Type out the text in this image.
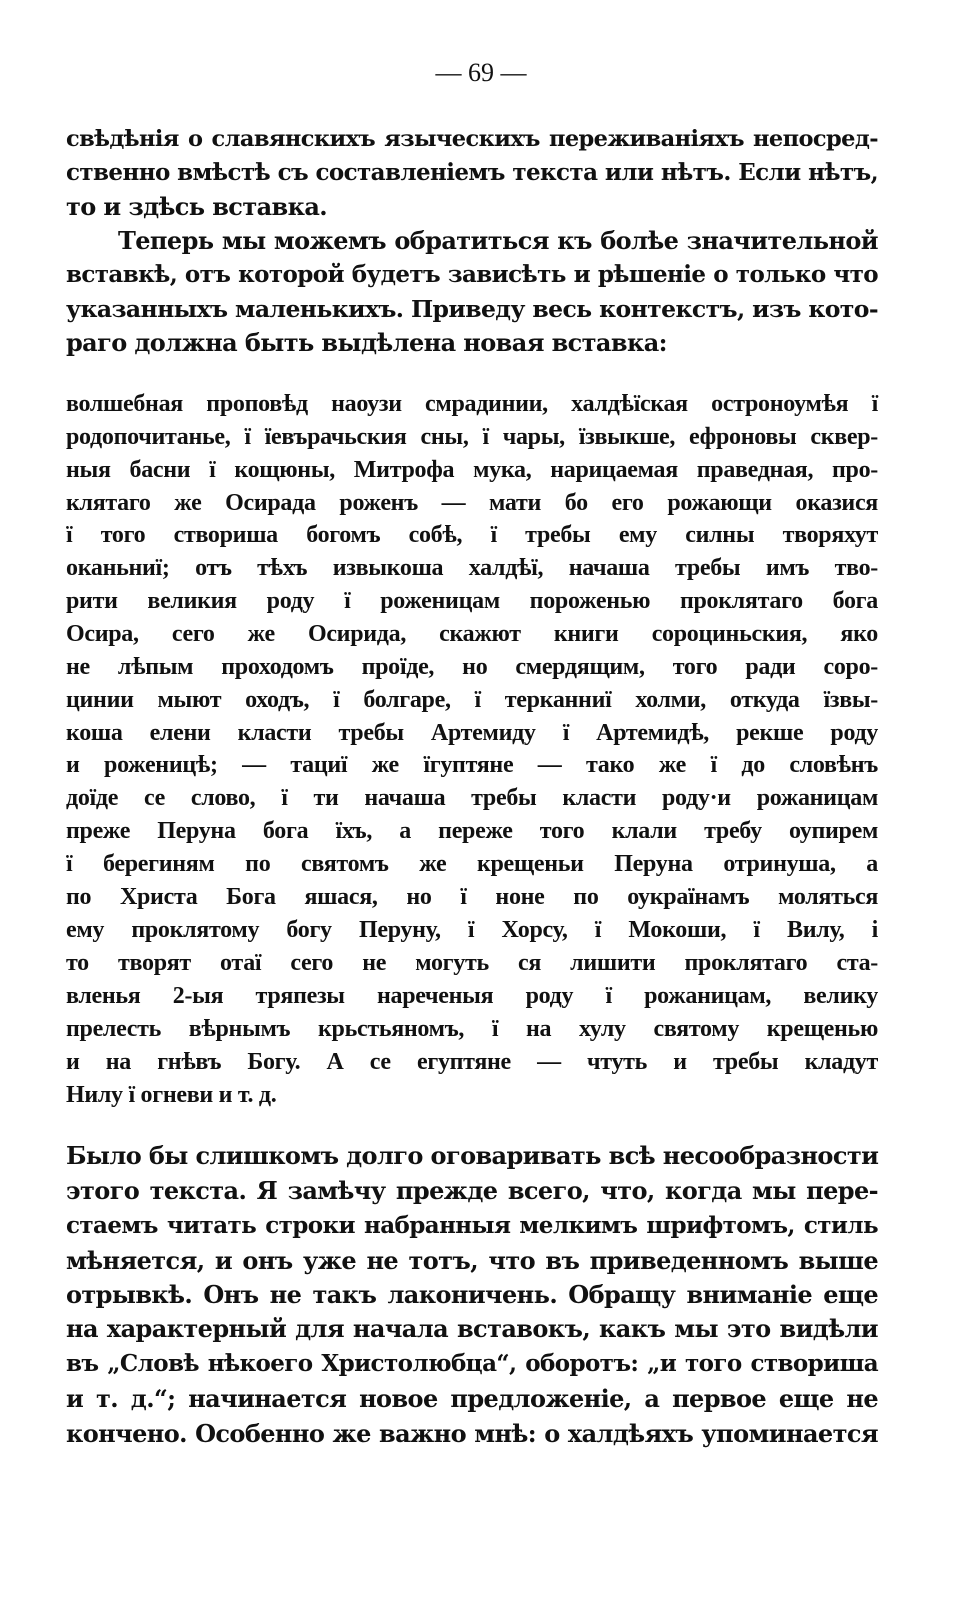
— 69 —
свѣдѣнія о славянскихъ языческихъ переживаніяхъ непосред-
ственно вмѣстѣ съ составленіемъ текста или нѣтъ. Если нѣтъ,
то и здѣсь вставка.
Теперь мы можемъ обратиться къ болѣе значительной
вставкѣ, отъ которой будетъ зависѣть и рѣшеніе о только что
указанныхъ маленькихъ. Приведу весь контекстъ, изъ кото-
раго должна быть выдѣлена новая вставка:
волшебная проповѣд наоузи смрадинии, халдѣїская остроноумѣя ї
родопочитанье, ї їевърачьския сны, ї чары, їзвыкше, ефроновы сквер-
ныя басни ї кощюны, Митрофа мука, нарицаемая праведная, про-
клятаго же Осирада роженъ — мати бо его рожающи оказися
ї того створиша богомъ собѣ, ї требы ему силны творяхут
оканьниї; отъ тѣхъ извыкоша халдѣї, начаша требы имъ тво-
рити великия роду ї роженицам пороженью проклятаго бога
Осира, сего же Осирида, скажют книги сороциньския, яко
не лѣпым проходомъ проїде, но смердящим, того ради соро-
цинии мыют оходъ, ї болгаре, ї терканниї холми, откуда їзвы-
коша елени класти требы Артемиду ї Артемидѣ, рекше роду
и роженицѣ; — тациї же їгуптяне — тако же ї до словѣнъ
доїде се слово, ї ти начаша требы класти роду·и рожаницам
преже Перуна бога їхъ, а переже того клали требу оупирем
ї берегиням по святомъ же крещеньи Перуна отринуша, а
по Христа Бога яшася, но ї ноне по оукраїнамъ моляться
ему проклятому богу Перуну, ї Хорсу, ї Мокоши, ї Вилу, і
то творят отаї сего не могуть ся лишити проклятаго ста-
вленья 2-ыя тряпезы нареченыя роду ї рожаницам, велику
прелесть вѣрнымъ крьстьяномъ, ї на хулу святому крещенью
и на гнѣвъ Богу. А се егуптяне — чтуть и требы кладут
Нилу ї огневи и т. д.
Было бы слишкомъ долго оговаривать всѣ несообразности
этого текста. Я замѣчу прежде всего, что, когда мы пере-
стаемъ читать строки набранныя мелкимъ шрифтомъ, стиль
мѣняется, и онъ уже не тотъ, что въ приведенномъ выше
отрывкѣ. Онъ не такъ лаконичень. Обращу вниманіе еще
на характерный для начала вставокъ, какъ мы это видѣли
въ „Словѣ нѣкоего Христолюбца“, оборотъ: „и того створиша
и т. д.“; начинается новое предложеніе, а первое еще не
кончено. Особенно же важно мнѣ: о халдѣяхъ упоминается
